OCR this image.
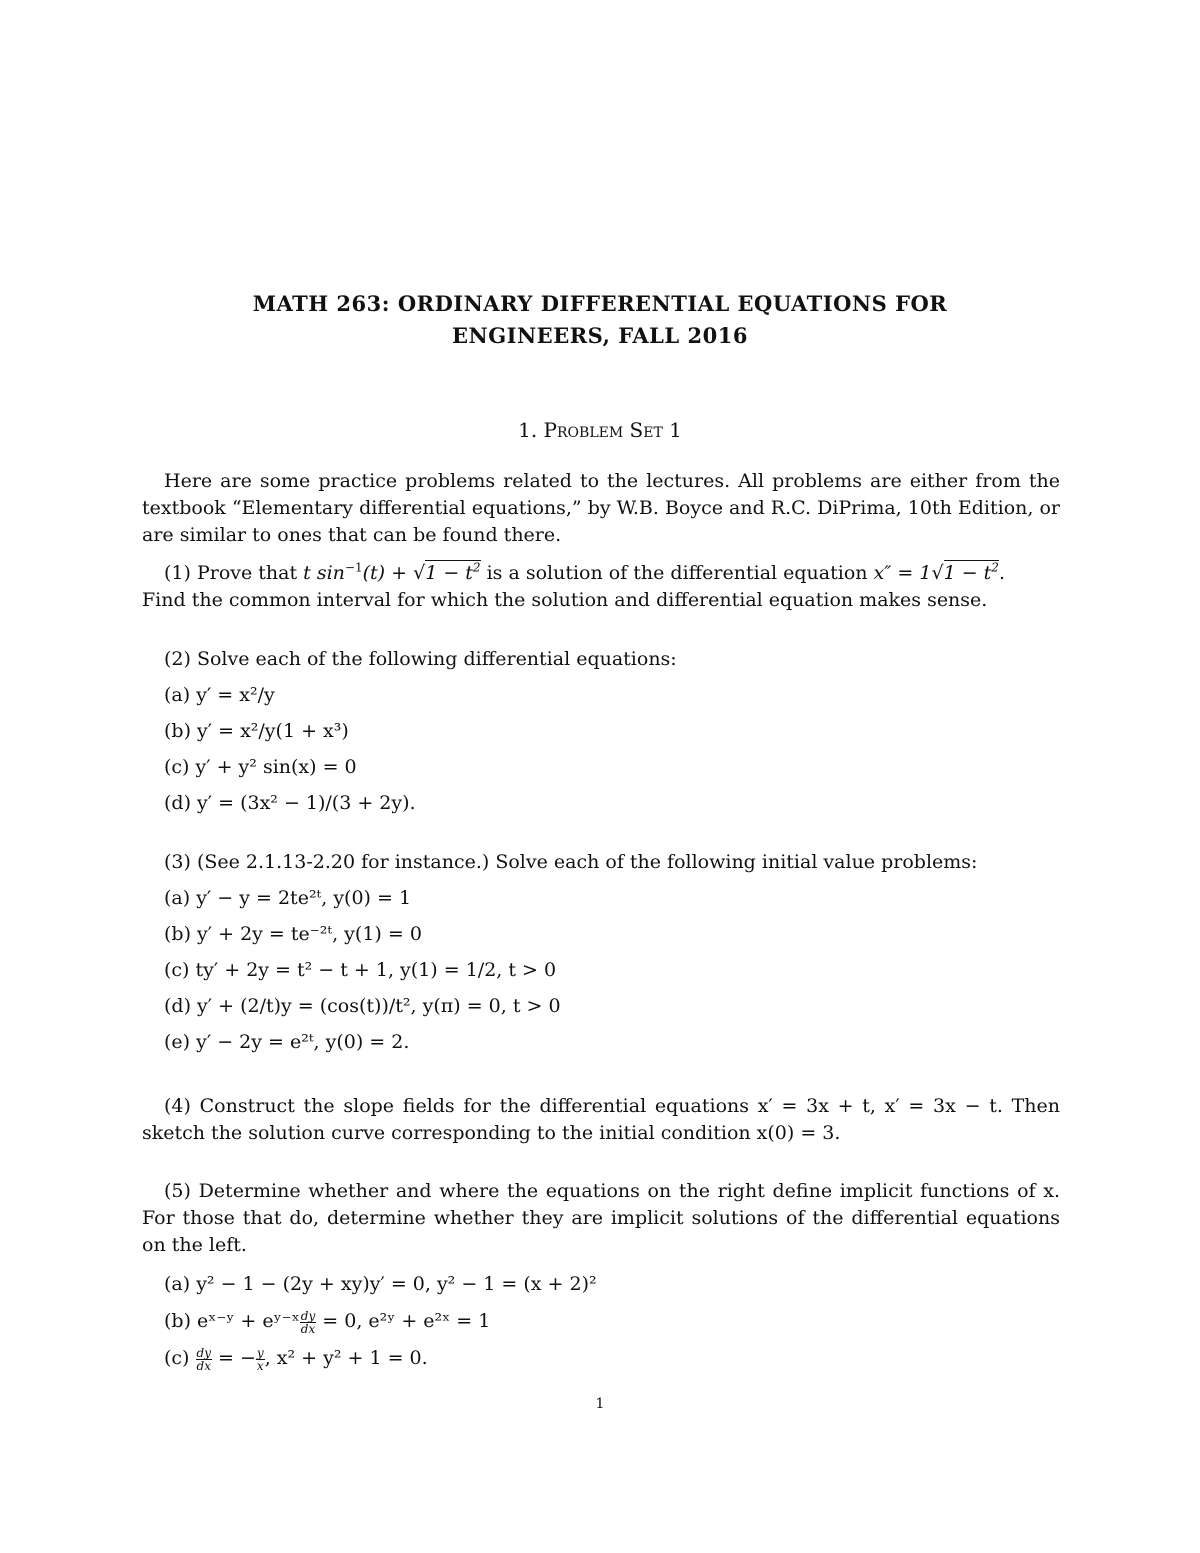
MATH 263: ORDINARY DIFFERENTIAL EQUATIONS FOR
ENGINEERS, FALL 2016
1. Problem Set 1

Here are some practice problems related to the lectures. All problems are either from the textbook “Elementary differential equations,” by W.B. Boyce and R.C. DiPrima, 10th Edition, or are similar to ones that can be found there.

(1) Prove that t $\sin^{-1}(t) + √1 - t^2$ is a solution of the differential equation $x'' = 1√1 - t^2$.

Find the common interval for which the solution and differential equation makes sense.

(2) Solve each of the following differential equations:

(a) y′ = x²/y

(b) y′ = x²/y(1 + x³)

(c) y′ + y² sin(x) = 0

(d) y′ = (3x² − 1)/(3 + 2y).

(3) (See 2.1.13-2.20 for instance.) Solve each of the following initial value problems:

(a) y′ − y = 2te²ᵗ, y(0) = 1

(b) y′ + 2y = te⁻²ᵗ, y(1) = 0

(c) ty′ + 2y = t² − t + 1, y(1) = 1/2, t > 0

(d) y′ + (2/t)y = (cos(t))/t², y(π) = 0, t > 0

(e) y′ − 2y = e²ᵗ, y(0) = 2.

(4) Construct the slope fields for the differential equations x′ = 3x + t, x′ = 3x − t. Then sketch the solution curve corresponding to the initial condition x(0) = 3.

(5) Determine whether and where the equations on the right define implicit functions of x. For those that do, determine whether they are implicit solutions of the differential equations on the left.

(a) y² − 1 − (2y + xy)y′ = 0, y² − 1 = (x + 2)²

(b) eˣ⁻ʸ + eʸ⁻ˣ $\frac{dy}{dx} = 0$, e²ʸ + e²ˣ = 1

$(c) \frac{dy}{dx}$ = − $\frac{y}{x}$ , x² + y² + 1 = 0.

1
